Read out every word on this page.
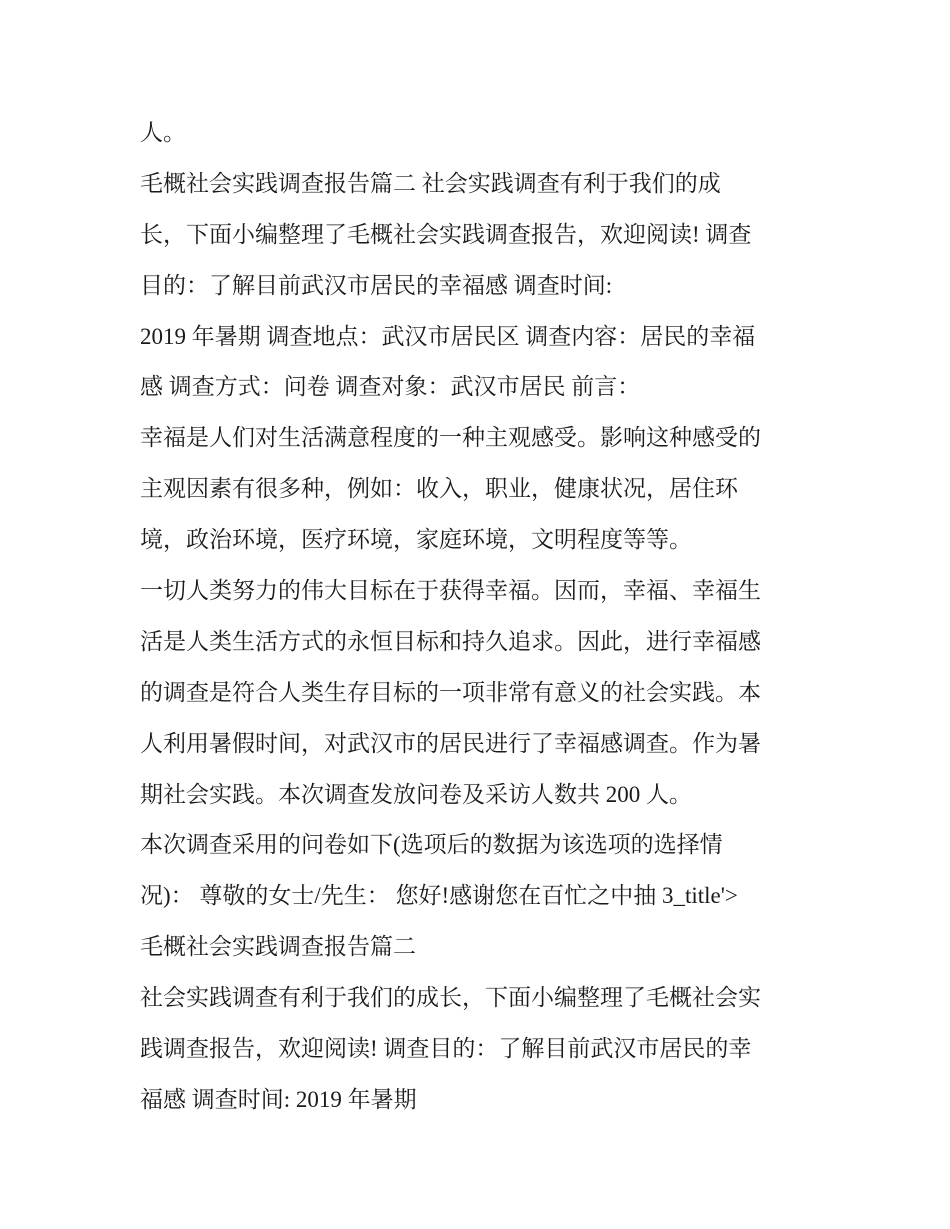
人。
毛概社会实践调查报告篇二 社会实践调查有利于我们的成
长，下面小编整理了毛概社会实践调查报告，欢迎阅读! 调查
目的：了解目前武汉市居民的幸福感 调查时间:
2019 年暑期 调查地点：武汉市居民区 调查内容：居民的幸福
感 调查方式：问卷 调查对象：武汉市居民 前言：
幸福是人们对生活满意程度的一种主观感受。影响这种感受的
主观因素有很多种，例如：收入，职业，健康状况，居住环
境，政治环境，医疗环境，家庭环境，文明程度等等。
一切人类努力的伟大目标在于获得幸福。因而，幸福、幸福生
活是人类生活方式的永恒目标和持久追求。因此，进行幸福感
的调查是符合人类生存目标的一项非常有意义的社会实践。本
人利用暑假时间，对武汉市的居民进行了幸福感调查。作为暑
期社会实践。本次调查发放问卷及采访人数共 200 人。
本次调查采用的问卷如下(选项后的数据为该选项的选择情
况)： 尊敬的女士/先生： 您好!感谢您在百忙之中抽 3_title'>
毛概社会实践调查报告篇二
社会实践调查有利于我们的成长，下面小编整理了毛概社会实
践调查报告，欢迎阅读! 调查目的：了解目前武汉市居民的幸
福感 调查时间: 2019 年暑期
